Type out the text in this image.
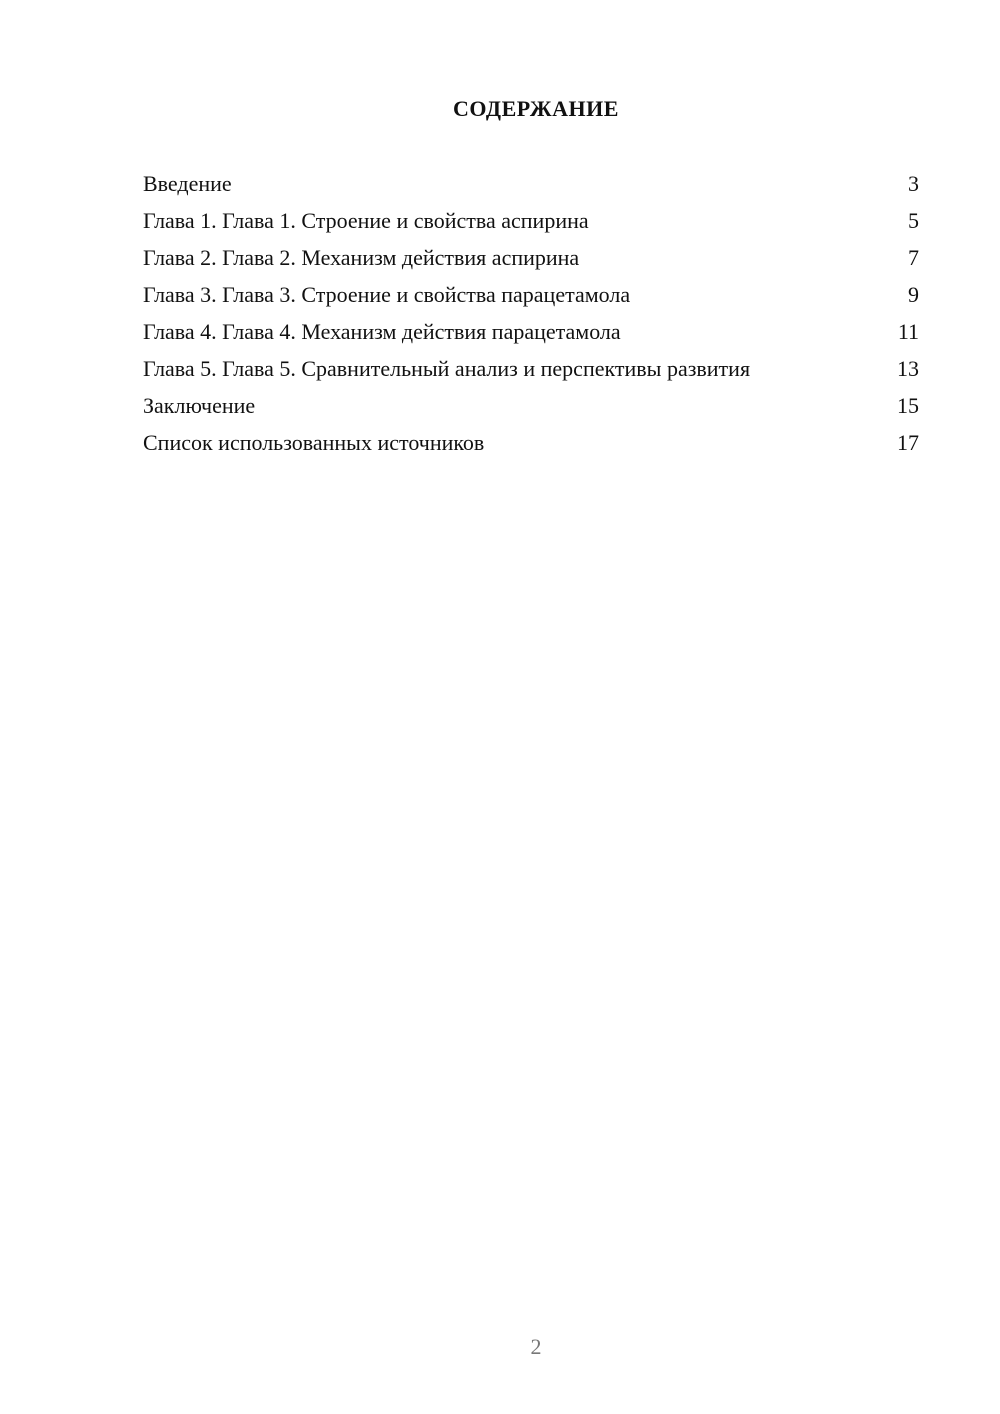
СОДЕРЖАНИЕ
Введение	3
Глава 1. Глава 1. Строение и свойства аспирина	5
Глава 2. Глава 2. Механизм действия аспирина	7
Глава 3. Глава 3. Строение и свойства парацетамола	9
Глава 4. Глава 4. Механизм действия парацетамола	11
Глава 5. Глава 5. Сравнительный анализ и перспективы развития	13
Заключение	15
Список использованных источников	17
2
